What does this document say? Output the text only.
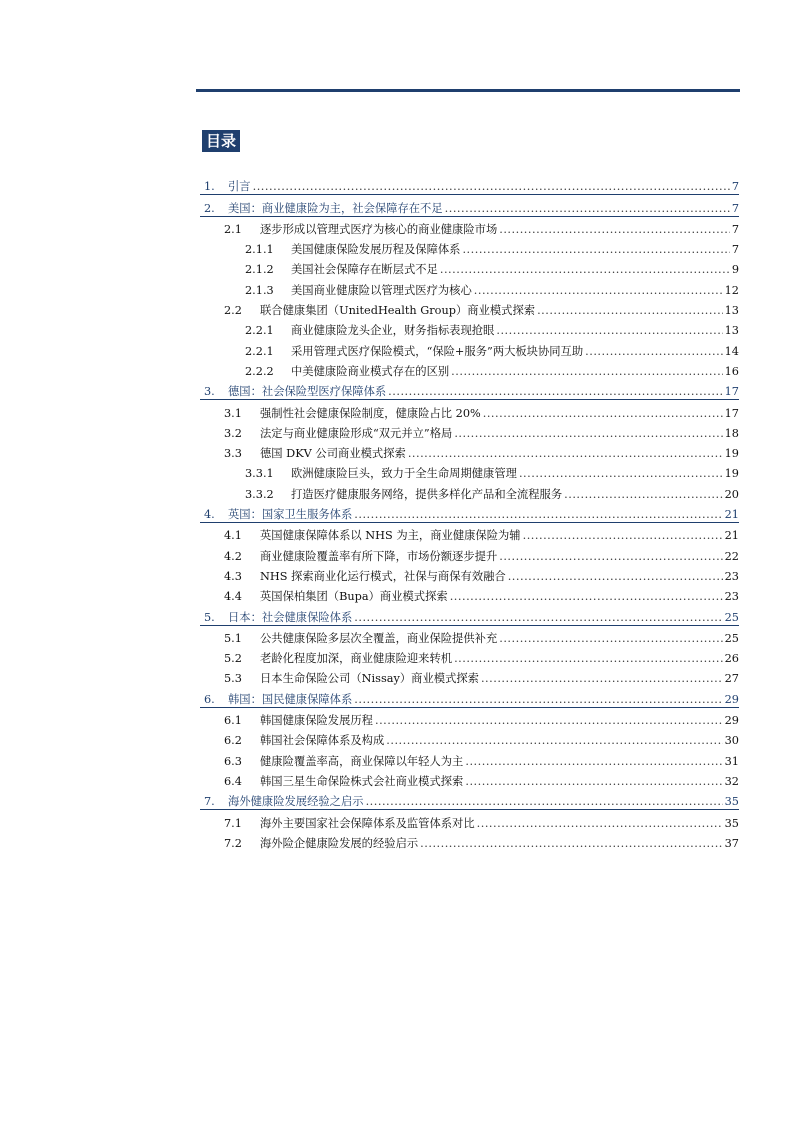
目录
1.	引言 .....	7
2.	美国：商业健康险为主，社会保障存在不足 .....	7
2.1	逐步形成以管理式医疗为核心的商业健康险市场 .....	7
2.1.1	美国健康保险发展历程及保障体系 .....	7
2.1.2	美国社会保障存在断层式不足 .....	9
2.1.3	美国商业健康险以管理式医疗为核心 .....	12
2.2	联合健康集团（UnitedHealth Group）商业模式探索 .....	13
2.2.1	商业健康险龙头企业，财务指标表现抢眼 .....	13
2.2.1	采用管理式医疗保险模式，“保险+服务”两大板块协同互助 .....	14
2.2.2	中美健康险商业模式存在的区别 .....	16
3.	德国：社会保险型医疗保障体系 .....	17
3.1	强制性社会健康保险制度，健康险占比 20% .....	17
3.2	法定与商业健康险形成“双元并立”格局 .....	18
3.3	德国 DKV 公司商业模式探索 .....	19
3.3.1	欧洲健康险巨头，致力于全生命周期健康管理 .....	19
3.3.2	打造医疗健康服务网络，提供多样化产品和全流程服务 .....	20
4.	英国：国家卫生服务体系 .....	21
4.1	英国健康保障体系以 NHS 为主，商业健康保险为辅 .....	21
4.2	商业健康险覆盖率有所下降，市场份额逐步提升 .....	22
4.3	NHS 探索商业化运行模式，社保与商保有效融合 .....	23
4.4	英国保柏集团（Bupa）商业模式探索 .....	23
5.	日本：社会健康保险体系 .....	25
5.1	公共健康保险多层次全覆盖，商业保险提供补充 .....	25
5.2	老龄化程度加深，商业健康险迎来转机 .....	26
5.3	日本生命保险公司（Nissay）商业模式探索 .....	27
6.	韩国：国民健康保障体系 .....	29
6.1	韩国健康保险发展历程 .....	29
6.2	韩国社会保障体系及构成 .....	30
6.3	健康险覆盖率高，商业保障以年轻人为主 .....	31
6.4	韩国三星生命保险株式会社商业模式探索 .....	32
7.	海外健康险发展经验之启示 .....	35
7.1	海外主要国家社会保障体系及监管体系对比 .....	35
7.2	海外险企健康险发展的经验启示 .....	37
